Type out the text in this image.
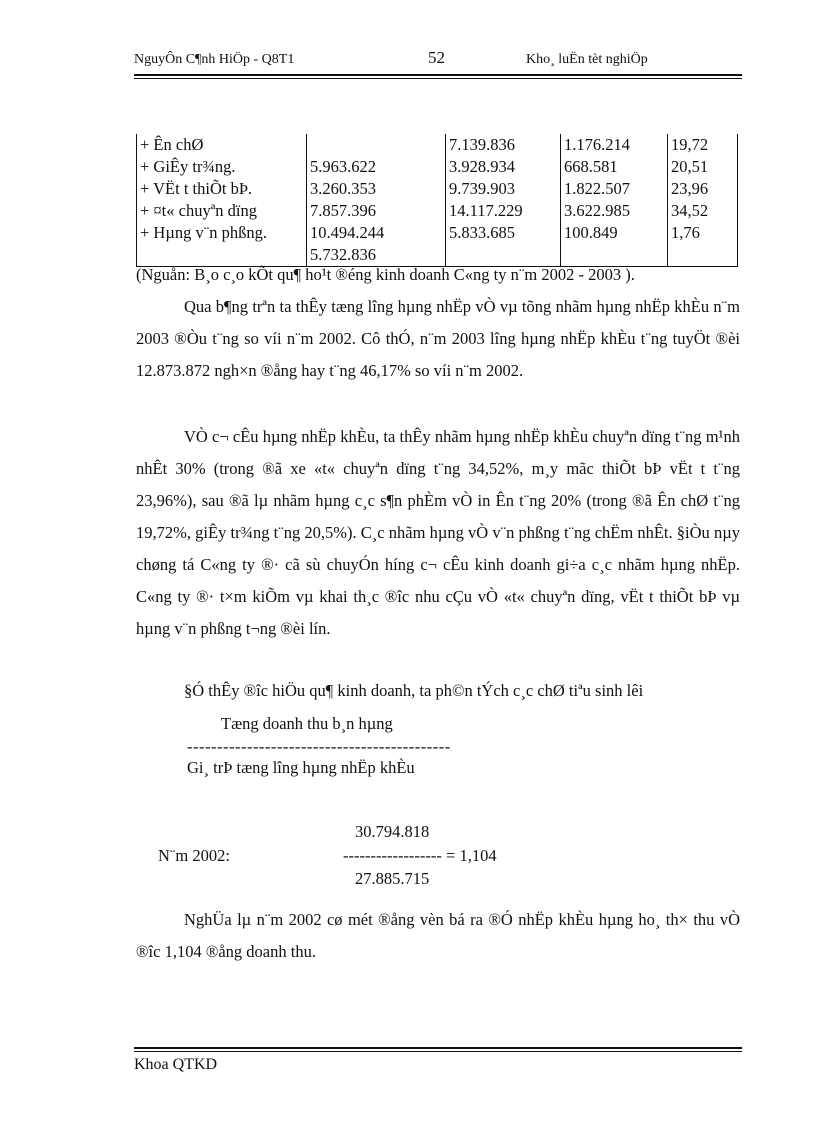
NguyÔn C¶nh HiÖp - Q8T1	52	Kho¸ luËn tèt nghiÖp
+ Ên chØ		7.139.836	1.176.214	19,72
+ GiÊy tr¾ng.	5.963.622	3.928.934	668.581	20,51
+ VËt t thiÕt bÞ.	3.260.353	9.739.903	1.822.507	23,96
+ ¤t« chuyªn dïng	7.857.396	14.117.229	3.622.985	34,52
+ Hµng v¨n phßng.	10.494.244	5.833.685	100.849	1,76
	5.732.836			
(Nguån: B¸o c¸o kÕt qu¶ ho¹t ®éng kinh doanh C«ng ty n¨m 2002 - 2003 ).

Qua b¶ng trªn ta thÊy tæng lîng hµng nhËp vÒ vµ tõng nhãm hµng nhËp khÈu n¨m 2003 ®Òu t¨ng so víi n¨m 2002. Cô thÓ, n¨m 2003 lîng hµng nhËp khÈu t¨ng tuyÖt ®èi 12.873.872 ngh×n ®ång hay t¨ng 46,17% so víi n¨m 2002.

VÒ c¬ cÊu hµng nhËp khÈu, ta thÊy nhãm hµng nhËp khÈu chuyªn dïng t¨ng m¹nh nhÊt 30% (trong ®ã xe «t« chuyªn dïng t¨ng 34,52%, m¸y mãc thiÕt bÞ vËt t t¨ng 23,96%), sau ®ã lµ nhãm hµng c¸c s¶n phÈm vÒ in Ên t¨ng 20% (trong ®ã Ên chØ t¨ng 19,72%, giÊy tr¾ng t¨ng 20,5%). C¸c nhãm hµng vÒ v¨n phßng t¨ng chËm nhÊt. §iÒu nµy chøng tá C«ng ty ®· cã sù chuyÓn híng c¬ cÊu kinh doanh gi÷a c¸c nhãm hµng nhËp. C«ng ty ®· t×m kiÕm vµ khai th¸c ®îc nhu cÇu vÒ «t« chuyªn dïng, vËt t thiÕt bÞ vµ hµng v¨n phßng t¬ng ®èi lín.

§Ó thÊy ®îc hiÖu qu¶ kinh doanh, ta ph©n tÝch c¸c chØ tiªu sinh lêi

Tæng doanh thu b¸n hµng
--------------------------------------------
Gi¸ trÞ tæng lîng hµng nhËp khÈu
N¨m 2002:
30.794.818
------------------ = 1,104
27.885.715

NghÜa lµ n¨m 2002 cø mét ®ång vèn bá ra ®Ó nhËp khÈu hµng ho¸ th× thu vÒ ®îc 1,104 ®ång doanh thu.

Khoa QTKD
